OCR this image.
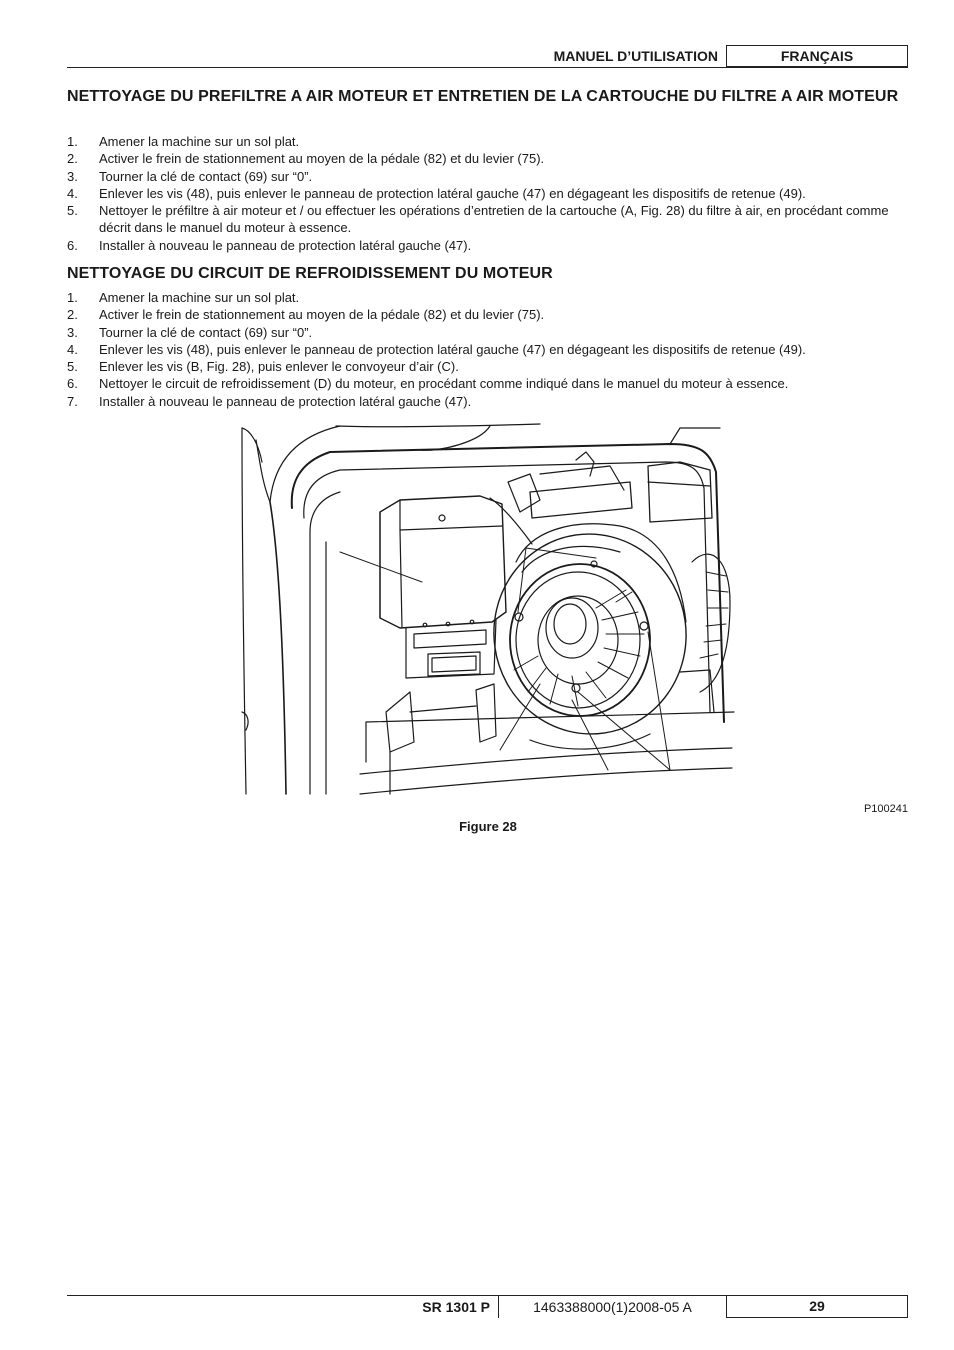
MANUEL D’UTILISATION	FRANÇAIS
NETTOYAGE DU PREFILTRE A AIR MOTEUR ET ENTRETIEN DE LA CARTOUCHE DU FILTRE A AIR MOTEUR
1. Amener la machine sur un sol plat.
2. Activer le frein de stationnement au moyen de la pédale (82) et du levier (75).
3. Tourner la clé de contact (69) sur “0”.
4. Enlever les vis (48), puis enlever le panneau de protection latéral gauche (47) en dégageant les dispositifs de retenue (49).
5. Nettoyer le préfiltre à air moteur et / ou effectuer les opérations d’entretien de la cartouche (A, Fig. 28) du filtre à air, en procédant comme décrit dans le manuel du moteur à essence.
6. Installer à nouveau le panneau de protection latéral gauche (47).
NETTOYAGE DU CIRCUIT DE REFROIDISSEMENT DU MOTEUR
1. Amener la machine sur un sol plat.
2. Activer le frein de stationnement au moyen de la pédale (82) et du levier (75).
3. Tourner la clé de contact (69) sur “0”.
4. Enlever les vis (48), puis enlever le panneau de protection latéral gauche (47) en dégageant les dispositifs de retenue (49).
5. Enlever les vis (B, Fig. 28), puis enlever le convoyeur d’air (C).
6. Nettoyer le circuit de refroidissement (D) du moteur, en procédant comme indiqué dans le manuel du moteur à essence.
7. Installer à nouveau le panneau de protection latéral gauche (47).
P100241
Figure 28
SR 1301 P	1463388000(1)2008-05 A	29
